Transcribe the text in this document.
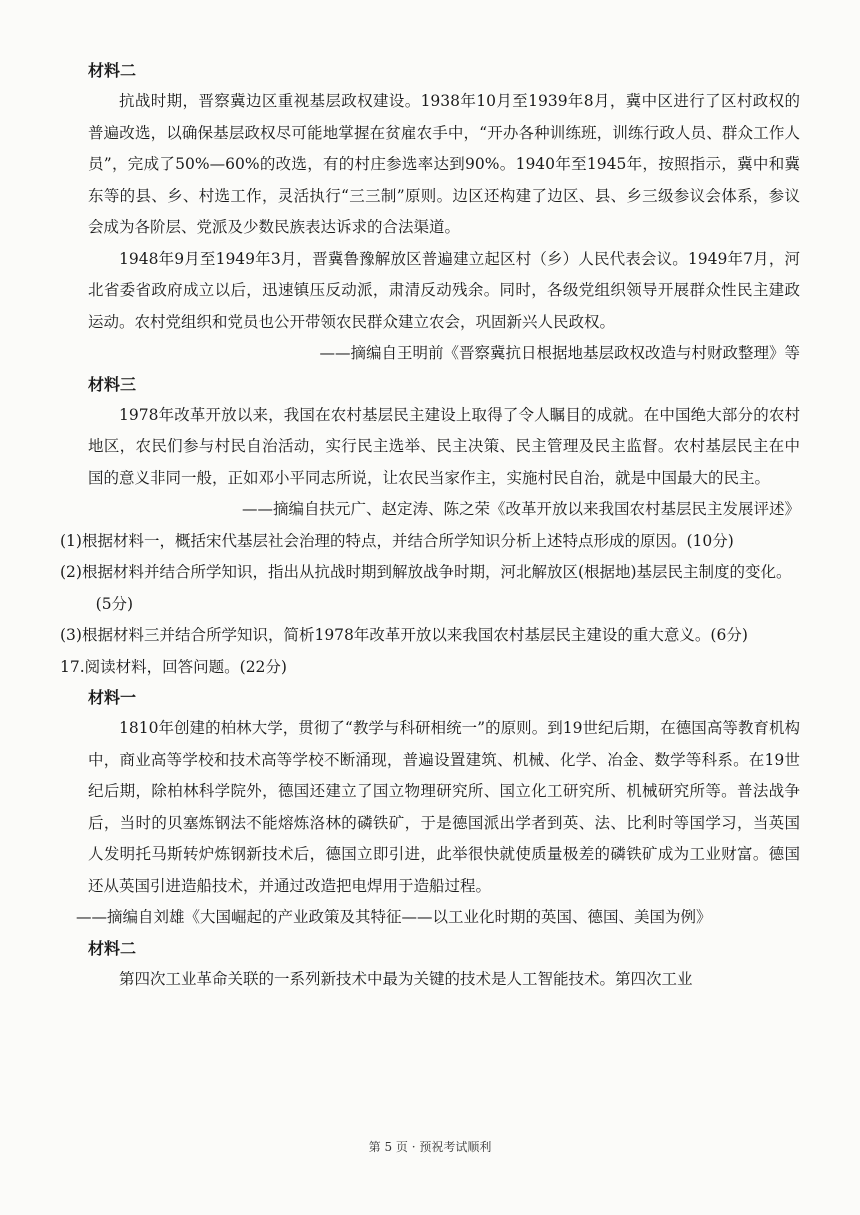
材料二

抗战时期，晋察冀边区重视基层政权建设。1938年10月至1939年8月，冀中区进行了区村政权的普遍改选，以确保基层政权尽可能地掌握在贫雇农手中，“开办各种训练班，训练行政人员、群众工作人员”，完成了50%—60%的改选，有的村庄参选率达到90%。1940年至1945年，按照指示，冀中和冀东等的县、乡、村选工作，灵活执行“三三制”原则。边区还构建了边区、县、乡三级参议会体系，参议会成为各阶层、党派及少数民族表达诉求的合法渠道。

1948年9月至1949年3月，晋冀鲁豫解放区普遍建立起区村（乡）人民代表会议。1949年7月，河北省委省政府成立以后，迅速镇压反动派，肃清反动残余。同时，各级党组织领导开展群众性民主建政运动。农村党组织和党员也公开带领农民群众建立农会，巩固新兴人民政权。

——摘编自王明前《晋察冀抗日根据地基层政权改造与村财政整理》等

材料三

1978年改革开放以来，我国在农村基层民主建设上取得了令人瞩目的成就。在中国绝大部分的农村地区，农民们参与村民自治活动，实行民主选举、民主决策、民主管理及民主监督。农村基层民主在中国的意义非同一般，正如邓小平同志所说，让农民当家作主，实施村民自治，就是中国最大的民主。

——摘编自扶元广、赵定涛、陈之荣《改革开放以来我国农村基层民主发展评述》

(1)根据材料一，概括宋代基层社会治理的特点，并结合所学知识分析上述特点形成的原因。(10分)

(2)根据材料并结合所学知识，指出从抗战时期到解放战争时期，河北解放区(根据地)基层民主制度的变化。(5分)

(3)根据材料三并结合所学知识，简析1978年改革开放以来我国农村基层民主建设的重大意义。(6分)

17.阅读材料，回答问题。(22分)

材料一

1810年创建的柏林大学，贯彻了“教学与科研相统一”的原则。到19世纪后期，在德国高等教育机构中，商业高等学校和技术高等学校不断涌现，普遍设置建筑、机械、化学、冶金、数学等科系。在19世纪后期，除柏林科学院外，德国还建立了国立物理研究所、国立化工研究所、机械研究所等。普法战争后，当时的贝塞炼钢法不能熔炼洛林的磷铁矿，于是德国派出学者到英、法、比利时等国学习，当英国人发明托马斯转炉炼钢新技术后，德国立即引进，此举很快就使质量极差的磷铁矿成为工业财富。德国还从英国引进造船技术，并通过改造把电焊用于造船过程。

——摘编自刘雄《大国崛起的产业政策及其特征——以工业化时期的英国、德国、美国为例》

材料二

第四次工业革命关联的一系列新技术中最为关键的技术是人工智能技术。第四次工业

第 5 页 · 预祝考试顺利
